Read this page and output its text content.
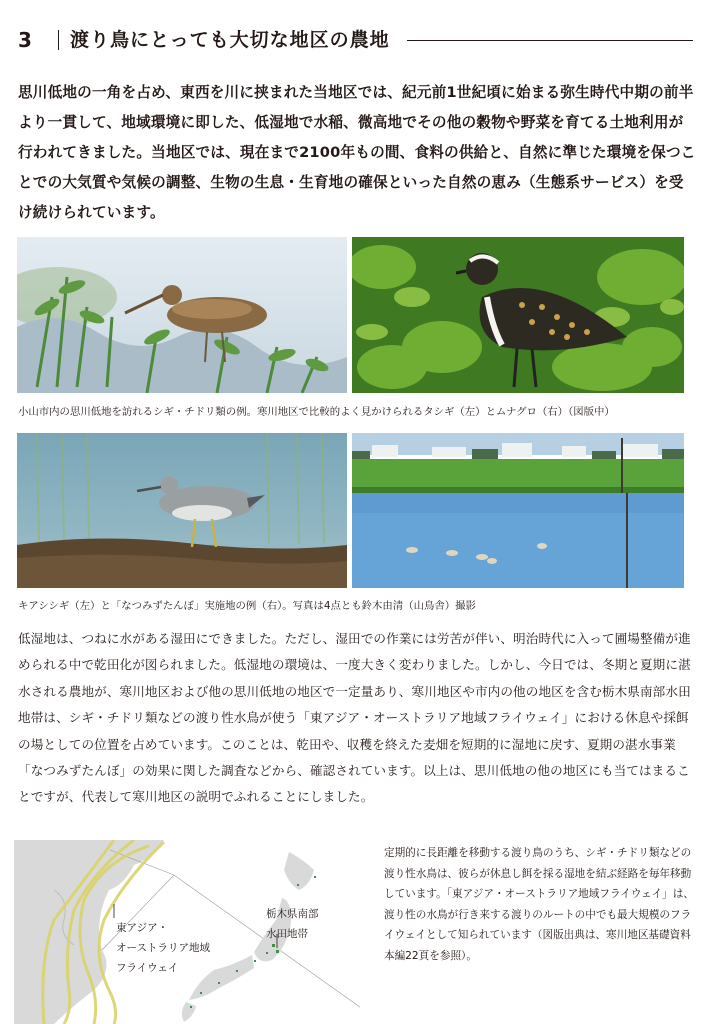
3 渡り鳥にとっても大切な地区の農地

思川低地の一角を占め、東西を川に挟まれた当地区では、紀元前1世紀頃に始まる弥生時代中期の前半より一貫して、地域環境に即した、低湿地で水稲、微高地でその他の穀物や野菜を育てる土地利用が行われてきました。当地区では、現在まで2100年もの間、食料の供給と、自然に準じた環境を保つことでの大気質や気候の調整、生物の生息・生育地の確保といった自然の恵み（生態系サービス）を受け続けられています。

小山市内の思川低地を訪れるシギ・チドリ類の例。寒川地区で比較的よく見かけられるタシギ（左）とムナグロ（右）（図版中）
キアシシギ（左）と「なつみずたんぼ」実施地の例（右）。写真は4点とも鈴木由清（山鳥舎）撮影

低湿地は、つねに水がある湿田にできました。ただし、湿田での作業には労苦が伴い、明治時代に入って圃場整備が進められる中で乾田化が図られました。低湿地の環境は、一度大きく変わりました。しかし、今日では、冬期と夏期に湛水される農地が、寒川地区および他の思川低地の地区で一定量あり、寒川地区や市内の他の地区を含む栃木県南部水田地帯は、シギ・チドリ類などの渡り性水鳥が使う「東アジア・オーストラリア地域フライウェイ」における休息や採餌の場としての位置を占めています。このことは、乾田や、収穫を終えた麦畑を短期的に湿地に戻す、夏期の湛水事業「なつみずたんぼ」の効果に関した調査などから、確認されています。以上は、思川低地の他の地区にも当てはまることですが、代表して寒川地区の説明でふれることにしました。

東アジア・
オーストラリア地域
フライウェイ
栃木県南部
水田地帯

定期的に長距離を移動する渡り鳥のうち、シギ・チドリ類などの渡り性水鳥は、彼らが休息し餌を採る湿地を結ぶ経路を毎年移動しています。「東アジア・オーストラリア地域フライウェイ」は、渡り性の水鳥が行き来する渡りのルートの中でも最大規模のフライウェイとして知られています（図版出典は、寒川地区基礎資料本編22頁を参照）。
